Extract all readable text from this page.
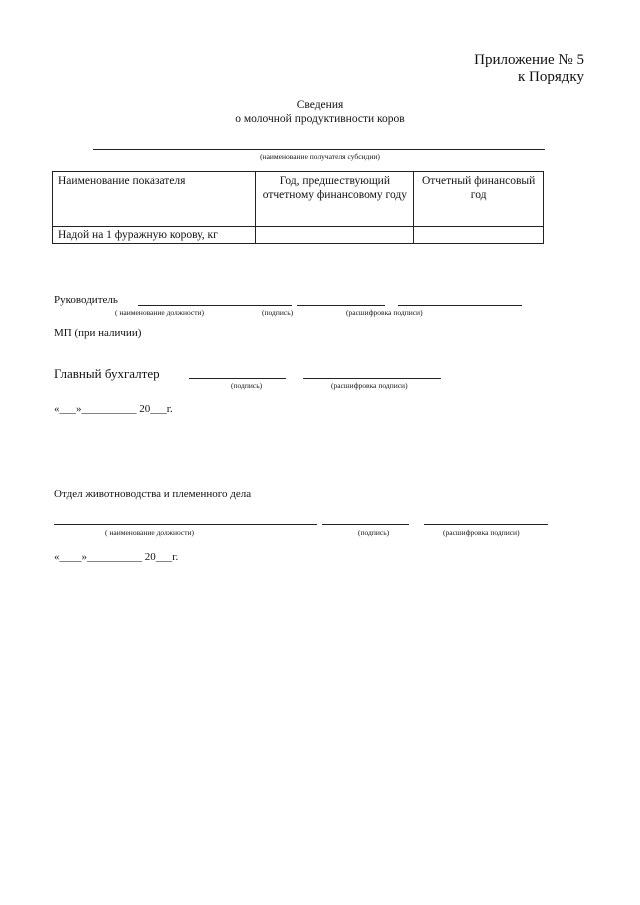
Приложение № 5
к Порядку
Сведения
о молочной продуктивности коров
(наименование получателя субсидии)
Наименование показателя	Год, предшествующий отчетному финансовому году	Отчетный финансовый год
Надой на 1 фуражную корову, кг		
Руководитель
( наименование должности)	(подпись)	(расшифровка подписи)
МП (при наличии)
Главный бухгалтер
(подпись)	(расшифровка подписи)
«___»__________ 20___г.
Отдел животноводства и племенного дела
( наименование должности)	(подпись)	(расшифровка подписи)
«____»__________ 20___г.
